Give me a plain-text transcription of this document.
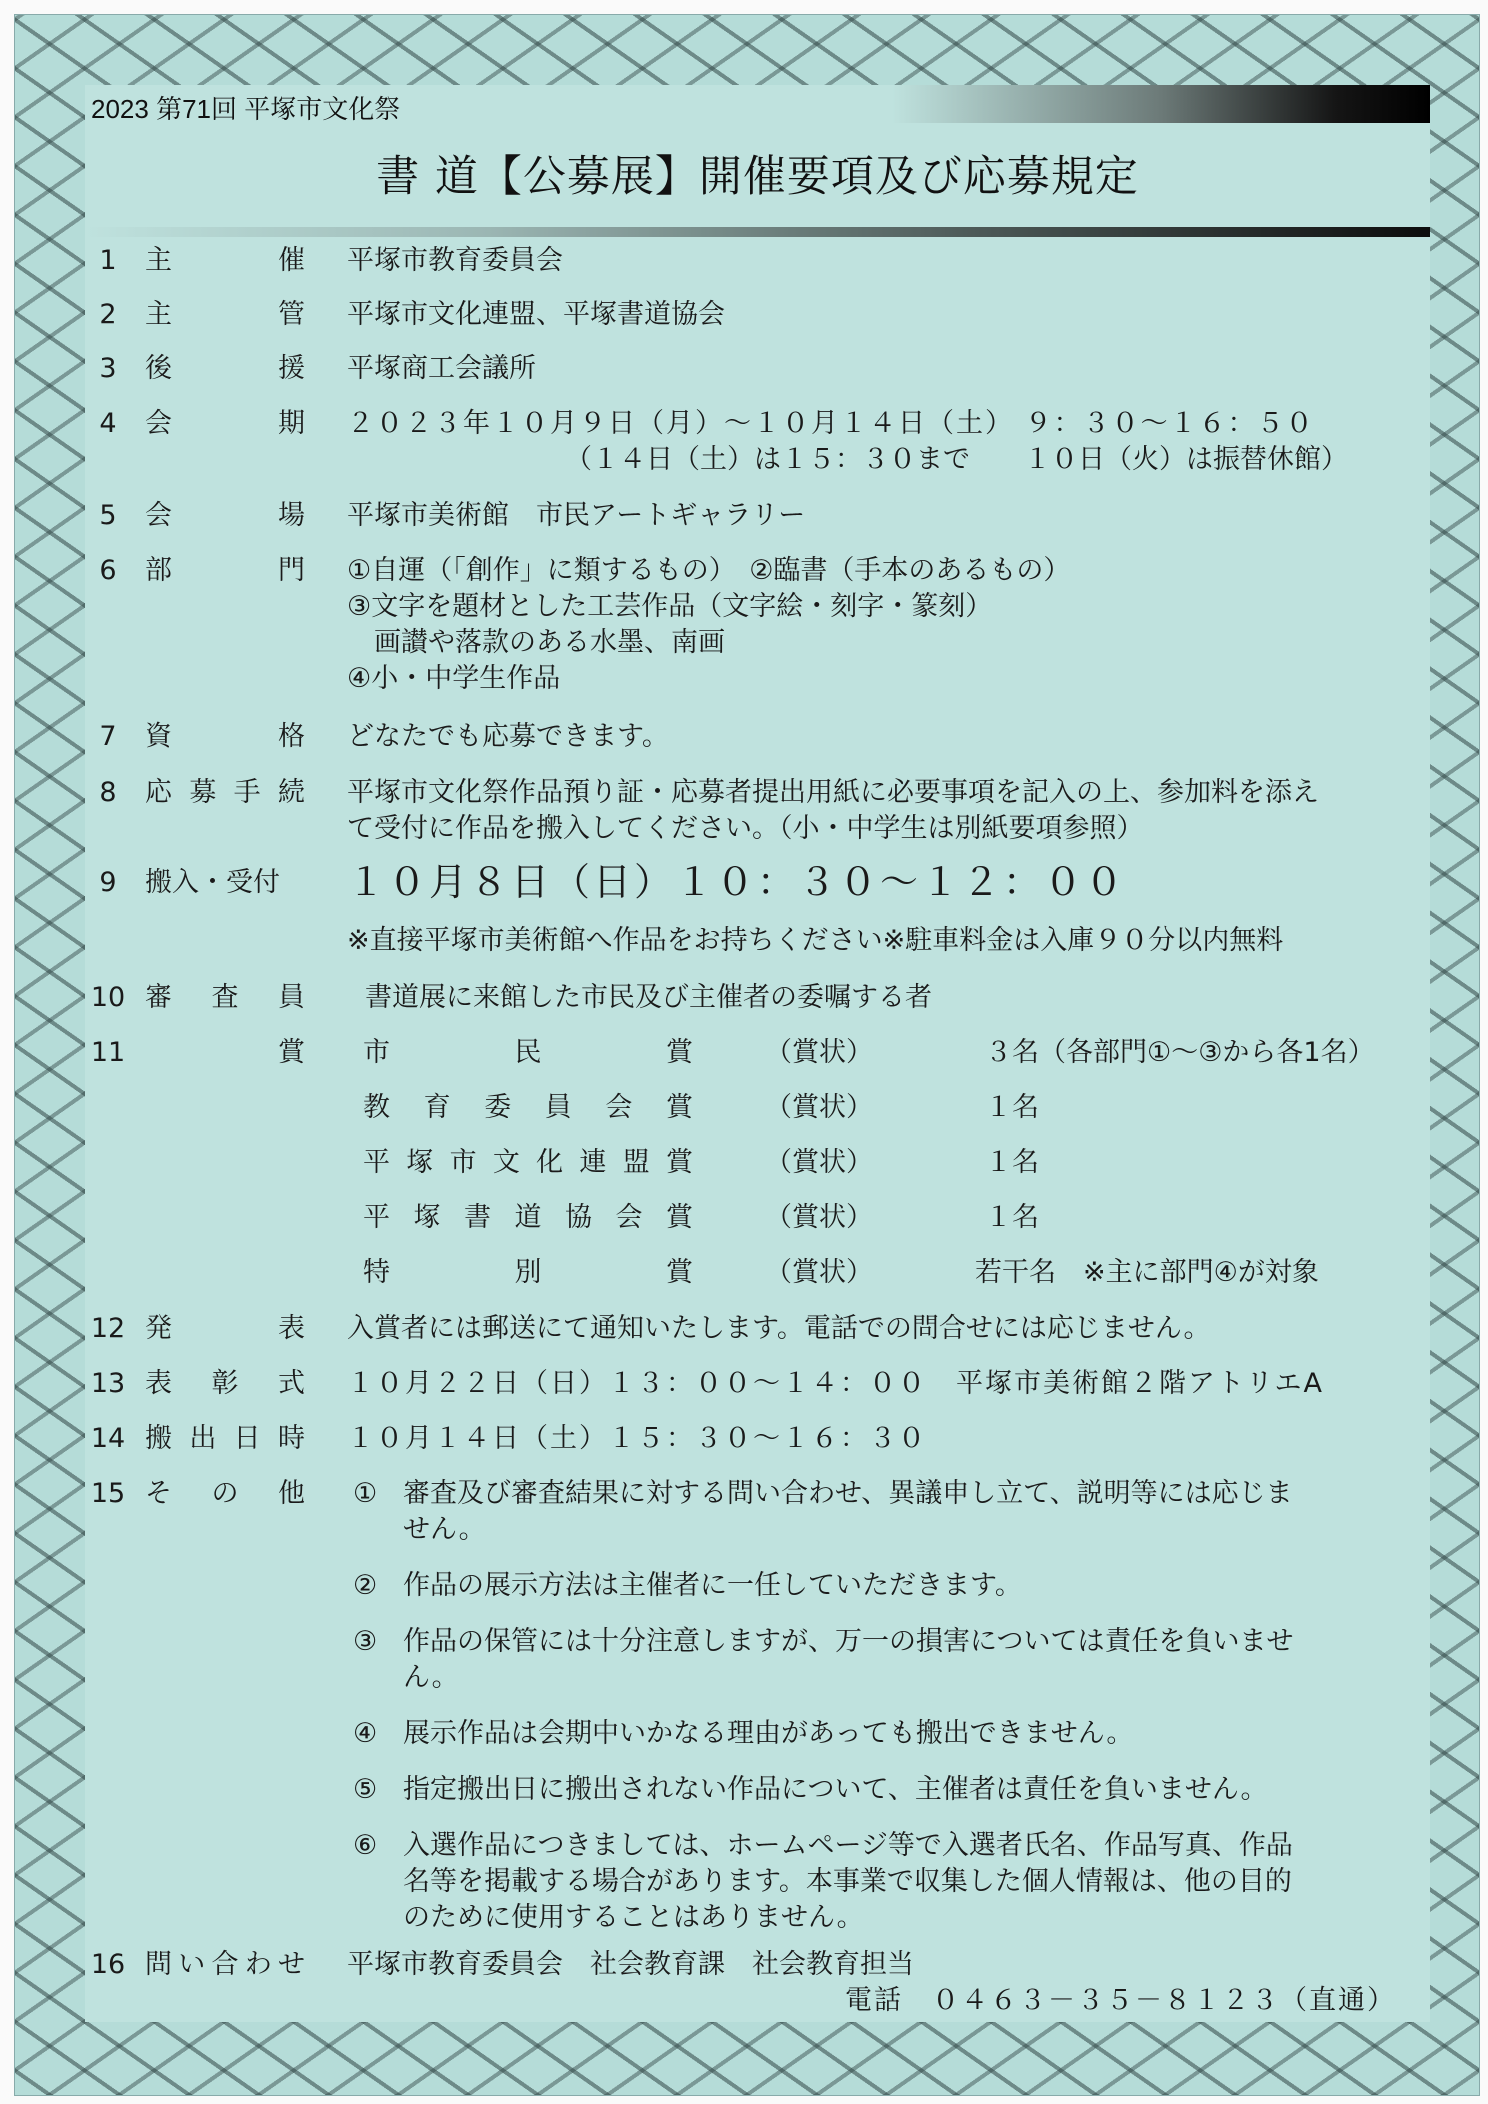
2023 第71回 平塚市文化祭
書 道【公募展】開催要項及び応募規定
1	主	催 平塚市教育委員会
2	主	管 平塚市文化連盟、平塚書道協会
3	後	援 平塚商工会議所
4	会	期 ２０２３年１０月９日（月）～１０月１４日（土） ９：３０～１６：５０
（１４日（土）は１５：３０まで　　１０日（火）は振替休館）
5	会	場 平塚市美術館　市民アートギャラリー
6	部	門 ①自運（「創作」に類するもの）　②臨書（手本のあるもの）
③文字を題材とした工芸作品（文字絵・刻字・篆刻）
　画讃や落款のある水墨、南画
④小・中学生作品
7	資	格 どなたでも応募できます。
8	応 募 手 続 平塚市文化祭作品預り証・応募者提出用紙に必要事項を記入の上、参加料を添え
て受付に作品を搬入してください。（小・中学生は別紙要項参照）
9	搬入・受付	１０月８日（日）１０：３０～１２：００
※直接平塚市美術館へ作品をお持ちください※駐車料金は入庫９０分以内無料
10 審 査 員 書道展に来館した市民及び主催者の委嘱する者
11	賞 市	民	賞	（賞状）	３名（各部門①～③から各1名）
教 育 委 員 会 賞	（賞状）	１名
平 塚 市 文 化 連 盟 賞	（賞状）	１名
平 塚 書 道 協 会 賞	（賞状）	１名
特	別	賞	（賞状）	若干名　※主に部門④が対象
12 発	表 入賞者には郵送にて通知いたします。電話での問合せには応じません。
13 表 彰 式 １０月２２日（日）１３：００～１４：００　平塚市美術館２階アトリエA
14 搬 出 日 時 １０月１４日（土）１５：３０～１６：３０
15 そ の 他 ① 審査及び審査結果に対する問い合わせ、異議申し立て、説明等には応じま
せん。
② 作品の展示方法は主催者に一任していただきます。
③ 作品の保管には十分注意しますが、万一の損害については責任を負いませ
ん。
④ 展示作品は会期中いかなる理由があっても搬出できません。
⑤ 指定搬出日に搬出されない作品について、主催者は責任を負いません。
⑥ 入選作品につきましては、ホームページ等で入選者氏名、作品写真、作品
名等を掲載する場合があります。本事業で収集した個人情報は、他の目的
のために使用することはありません。
16 問 い 合 わ せ 平塚市教育委員会　社会教育課　社会教育担当
電話　０４６３－３５－８１２３（直通）
